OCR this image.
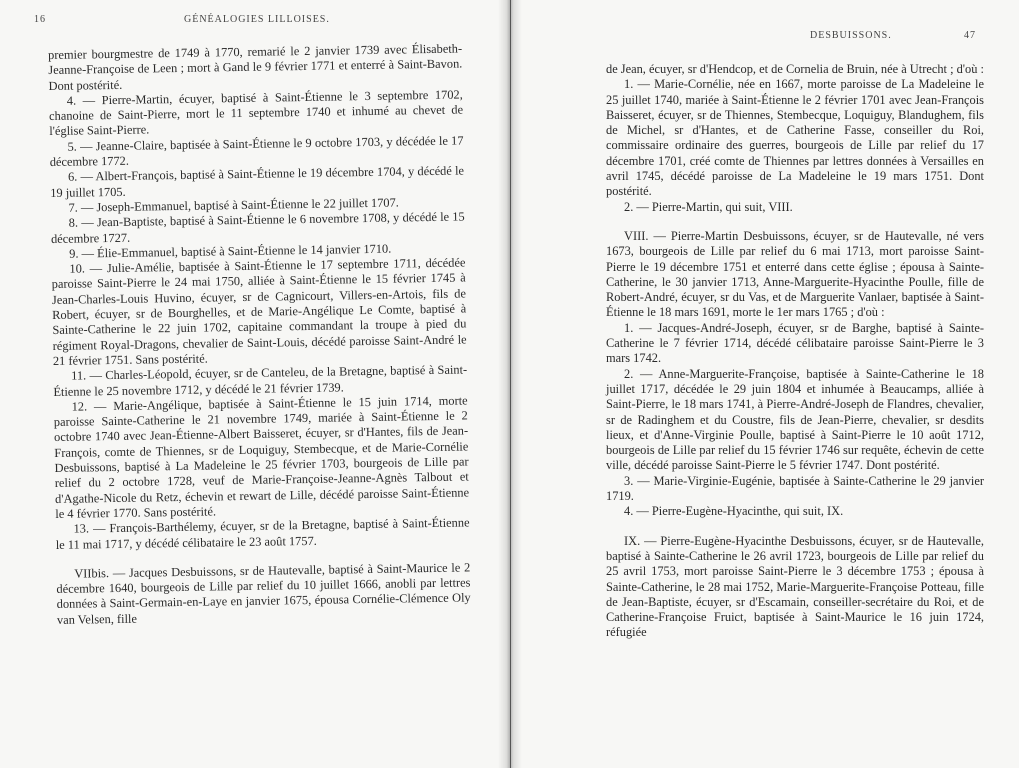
16	GÉNÉALOGIES LILLOISES.

premier bourgmestre de 1749 à 1770, remarié le 2 janvier 1739 avec Élisabeth-Jeanne-Françoise de Leen ; mort à Gand le 9 février 1771 et enterré à Saint-Bavon. Dont postérité.

4. — Pierre-Martin, écuyer, baptisé à Saint-Étienne le 3 septembre 1702, chanoine de Saint-Pierre, mort le 11 septembre 1740 et inhumé au chevet de l'église Saint-Pierre.

5. — Jeanne-Claire, baptisée à Saint-Étienne le 9 octobre 1703, y décédée le 17 décembre 1772.

6. — Albert-François, baptisé à Saint-Étienne le 19 décembre 1704, y décédé le 19 juillet 1705.

7. — Joseph-Emmanuel, baptisé à Saint-Étienne le 22 juillet 1707.

8. — Jean-Baptiste, baptisé à Saint-Étienne le 6 novembre 1708, y décédé le 15 décembre 1727.

9. — Élie-Emmanuel, baptisé à Saint-Étienne le 14 janvier 1710.

10. — Julie-Amélie, baptisée à Saint-Étienne le 17 septembre 1711, décédée paroisse Saint-Pierre le 24 mai 1750, alliée à Saint-Étienne le 15 février 1745 à Jean-Charles-Louis Huvino, écuyer, sr de Cagnicourt, Villers-en-Artois, fils de Robert, écuyer, sr de Bourghelles, et de Marie-Angélique Le Comte, baptisé à Sainte-Catherine le 22 juin 1702, capitaine commandant la troupe à pied du régiment Royal-Dragons, chevalier de Saint-Louis, décédé paroisse Saint-André le 21 février 1751. Sans postérité.

11. — Charles-Léopold, écuyer, sr de Canteleu, de la Bretagne, baptisé à Saint-Étienne le 25 novembre 1712, y décédé le 21 février 1739.

12. — Marie-Angélique, baptisée à Saint-Étienne le 15 juin 1714, morte paroisse Sainte-Catherine le 21 novembre 1749, mariée à Saint-Étienne le 2 octobre 1740 avec Jean-Étienne-Albert Baisseret, écuyer, sr d'Hantes, fils de Jean-François, comte de Thiennes, sr de Loquiguy, Stembecque, et de Marie-Cornélie Desbuissons, baptisé à La Madeleine le 25 février 1703, bourgeois de Lille par relief du 2 octobre 1728, veuf de Marie-Françoise-Jeanne-Agnès Talbout et d'Agathe-Nicole du Retz, échevin et rewart de Lille, décédé paroisse Saint-Étienne le 4 février 1770. Sans postérité.

13. — François-Barthélemy, écuyer, sr de la Bretagne, baptisé à Saint-Étienne le 11 mai 1717, y décédé célibataire le 23 août 1757.

VIIbis. — Jacques Desbuissons, sr de Hautevalle, baptisé à Saint-Maurice le 2 décembre 1640, bourgeois de Lille par relief du 10 juillet 1666, anobli par lettres données à Saint-Germain-en-Laye en janvier 1675, épousa Cornélie-Clémence Oly van Velsen, fille

DESBUISSONS.	47

de Jean, écuyer, sr d'Hendcop, et de Cornelia de Bruin, née à Utrecht ; d'où :

1. — Marie-Cornélie, née en 1667, morte paroisse de La Madeleine le 25 juillet 1740, mariée à Saint-Étienne le 2 février 1701 avec Jean-François Baisseret, écuyer, sr de Thiennes, Stembecque, Loquiguy, Blandughem, fils de Michel, sr d'Hantes, et de Catherine Fasse, conseiller du Roi, commissaire ordinaire des guerres, bourgeois de Lille par relief du 17 décembre 1701, créé comte de Thiennes par lettres données à Versailles en avril 1745, décédé paroisse de La Madeleine le 19 mars 1751. Dont postérité.

2. — Pierre-Martin, qui suit, VIII.

VIII. — Pierre-Martin Desbuissons, écuyer, sr de Hautevalle, né vers 1673, bourgeois de Lille par relief du 6 mai 1713, mort paroisse Saint-Pierre le 19 décembre 1751 et enterré dans cette église ; épousa à Sainte-Catherine, le 30 janvier 1713, Anne-Marguerite-Hyacinthe Poulle, fille de Robert-André, écuyer, sr du Vas, et de Marguerite Vanlaer, baptisée à Saint-Étienne le 18 mars 1691, morte le 1er mars 1765 ; d'où :

1. — Jacques-André-Joseph, écuyer, sr de Barghe, baptisé à Sainte-Catherine le 7 février 1714, décédé célibataire paroisse Saint-Pierre le 3 mars 1742.

2. — Anne-Marguerite-Françoise, baptisée à Sainte-Catherine le 18 juillet 1717, décédée le 29 juin 1804 et inhumée à Beaucamps, alliée à Saint-Pierre, le 18 mars 1741, à Pierre-André-Joseph de Flandres, chevalier, sr de Radinghem et du Coustre, fils de Jean-Pierre, chevalier, sr desdits lieux, et d'Anne-Virginie Poulle, baptisé à Saint-Pierre le 10 août 1712, bourgeois de Lille par relief du 15 février 1746 sur requête, échevin de cette ville, décédé paroisse Saint-Pierre le 5 février 1747. Dont postérité.

3. — Marie-Virginie-Eugénie, baptisée à Sainte-Catherine le 29 janvier 1719.

4. — Pierre-Eugène-Hyacinthe, qui suit, IX.

IX. — Pierre-Eugène-Hyacinthe Desbuissons, écuyer, sr de Hautevalle, baptisé à Sainte-Catherine le 26 avril 1723, bourgeois de Lille par relief du 25 avril 1753, mort paroisse Saint-Pierre le 3 décembre 1753 ; épousa à Sainte-Catherine, le 28 mai 1752, Marie-Marguerite-Françoise Potteau, fille de Jean-Baptiste, écuyer, sr d'Escamain, conseiller-secrétaire du Roi, et de Catherine-Françoise Fruict, baptisée à Saint-Maurice le 16 juin 1724, réfugiée
